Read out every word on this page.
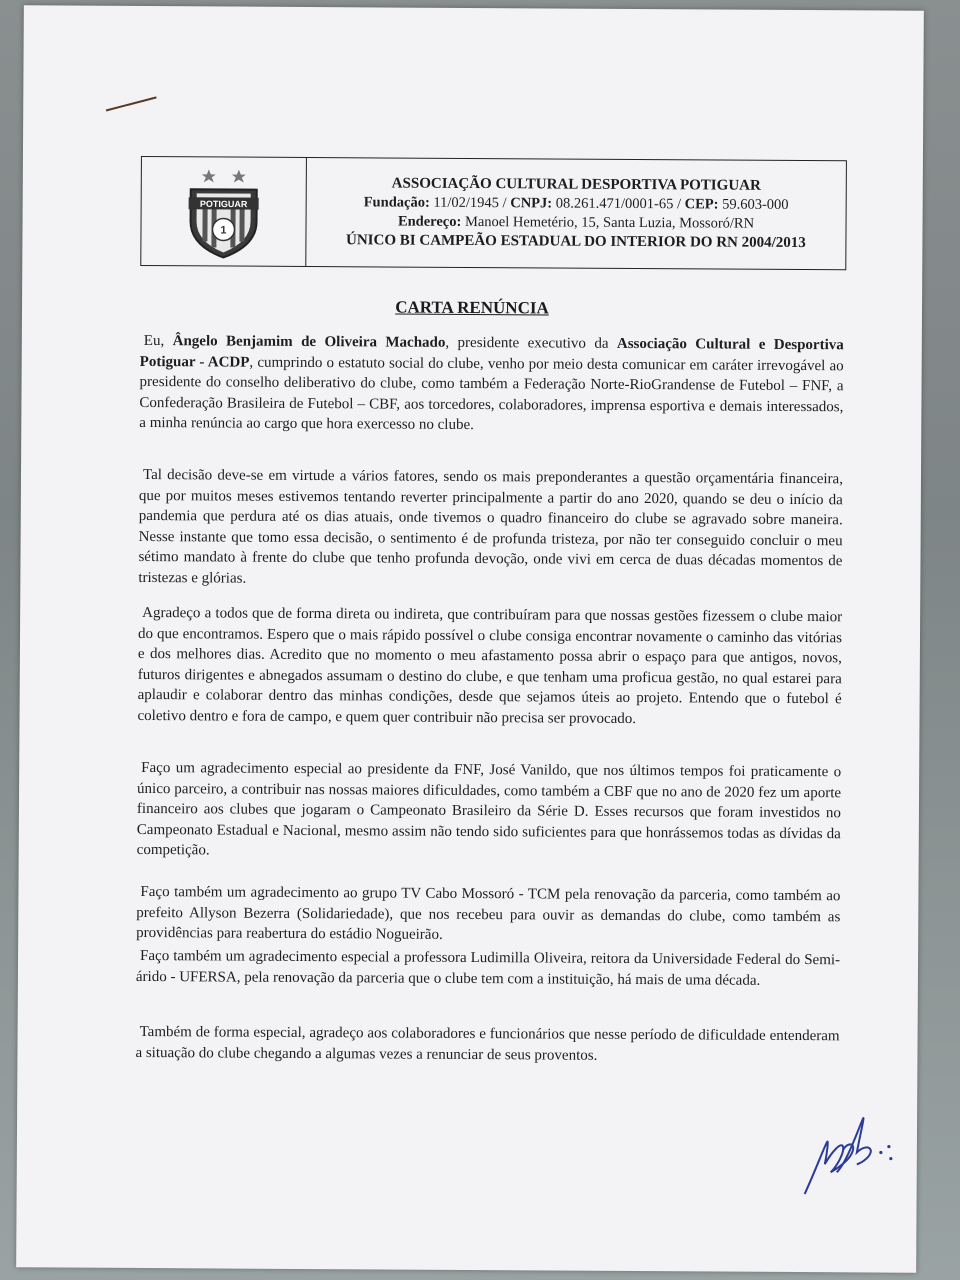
POTIGUAR
1
ASSOCIAÇÃO CULTURAL DESPORTIVA POTIGUAR
Fundação: 11/02/1945 / CNPJ: 08.261.471/0001-65 / CEP: 59.603-000
Endereço: Manoel Hemetério, 15, Santa Luzia, Mossoró/RN
ÚNICO BI CAMPEÃO ESTADUAL DO INTERIOR DO RN 2004/2013
CARTA RENÚNCIA

Eu, Ângelo Benjamim de Oliveira Machado, presidente executivo da Associação Cultural e Desportiva Potiguar - ACDP, cumprindo o estatuto social do clube, venho por meio desta comunicar em caráter irrevogável ao presidente do conselho deliberativo do clube, como também a Federação Norte-RioGrandense de Futebol – FNF, a Confederação Brasileira de Futebol – CBF, aos torcedores, colaboradores, imprensa esportiva e demais interessados, a minha renúncia ao cargo que hora exercesso no clube.

Tal decisão deve-se em virtude a vários fatores, sendo os mais preponderantes a questão orçamentária financeira, que por muitos meses estivemos tentando reverter principalmente a partir do ano 2020, quando se deu o início da pandemia que perdura até os dias atuais, onde tivemos o quadro financeiro do clube se agravado sobre maneira. Nesse instante que tomo essa decisão, o sentimento é de profunda tristeza, por não ter conseguido concluir o meu sétimo mandato à frente do clube que tenho profunda devoção, onde vivi em cerca de duas décadas momentos de tristezas e glórias.

Agradeço a todos que de forma direta ou indireta, que contribuíram para que nossas gestões fizessem o clube maior do que encontramos. Espero que o mais rápido possível o clube consiga encontrar novamente o caminho das vitórias e dos melhores dias. Acredito que no momento o meu afastamento possa abrir o espaço para que antigos, novos, futuros dirigentes e abnegados assumam o destino do clube, e que tenham uma proficua gestão, no qual estarei para aplaudir e colaborar dentro das minhas condições, desde que sejamos úteis ao projeto. Entendo que o futebol é coletivo dentro e fora de campo, e quem quer contribuir não precisa ser provocado.

Faço um agradecimento especial ao presidente da FNF, José Vanildo, que nos últimos tempos foi praticamente o único parceiro, a contribuir nas nossas maiores dificuldades, como também a CBF que no ano de 2020 fez um aporte financeiro aos clubes que jogaram o Campeonato Brasileiro da Série D. Esses recursos que foram investidos no Campeonato Estadual e Nacional, mesmo assim não tendo sido suficientes para que honrássemos todas as dívidas da competição.

Faço também um agradecimento ao grupo TV Cabo Mossoró - TCM pela renovação da parceria, como também ao prefeito Allyson Bezerra (Solidariedade), que nos recebeu para ouvir as demandas do clube, como também as providências para reabertura do estádio Nogueirão.

Faço também um agradecimento especial a professora Ludimilla Oliveira, reitora da Universidade Federal do Semi-árido - UFERSA, pela renovação da parceria que o clube tem com a instituição, há mais de uma década.

Também de forma especial, agradeço aos colaboradores e funcionários que nesse período de dificuldade entenderam a situação do clube chegando a algumas vezes a renunciar de seus proventos.
